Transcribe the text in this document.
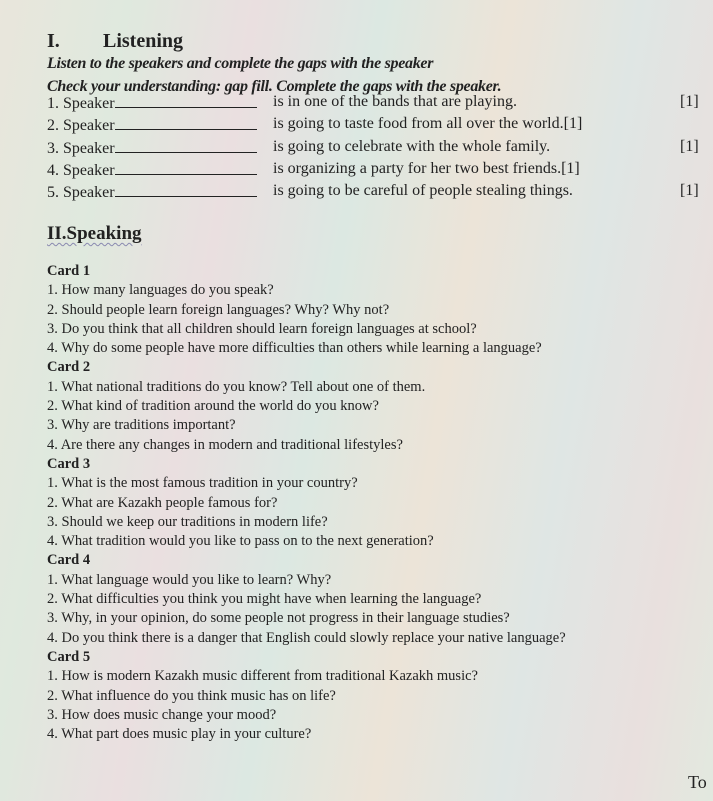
I. Listening
Listen to the speakers and complete the gaps with the speaker
Check your understanding: gap fill. Complete the gaps with the speaker.
1. Speaker	is in one of the bands that are playing.	[1]
2. Speaker	is going to taste food from all over the world.[1]
3. Speaker	is going to celebrate with the whole family.	[1]
4. Speaker	is organizing a party for her two best friends.[1]
5. Speaker	is going to be careful of people stealing things.	[1]
II.Speaking
Card 1
1. How many languages do you speak?
2. Should people learn foreign languages? Why? Why not?
3. Do you think that all children should learn foreign languages at school?
4. Why do some people have more difficulties than others while learning a language?
Card 2
1. What national traditions do you know? Tell about one of them.
2. What kind of tradition around the world do you know?
3. Why are traditions important?
4. Are there any changes in modern and traditional lifestyles?
Card 3
1. What is the most famous tradition in your country?
2. What are Kazakh people famous for?
3. Should we keep our traditions in modern life?
4. What tradition would you like to pass on to the next generation?
Card 4
1. What language would you like to learn? Why?
2. What difficulties you think you might have when learning the language?
3. Why, in your opinion, do some people not progress in their language studies?
4. Do you think there is a danger that English could slowly replace your native language?
Card 5
1. How is modern Kazakh music different from traditional Kazakh music?
2. What influence do you think music has on life?
3. How does music change your mood?
4. What part does music play in your culture?
To
